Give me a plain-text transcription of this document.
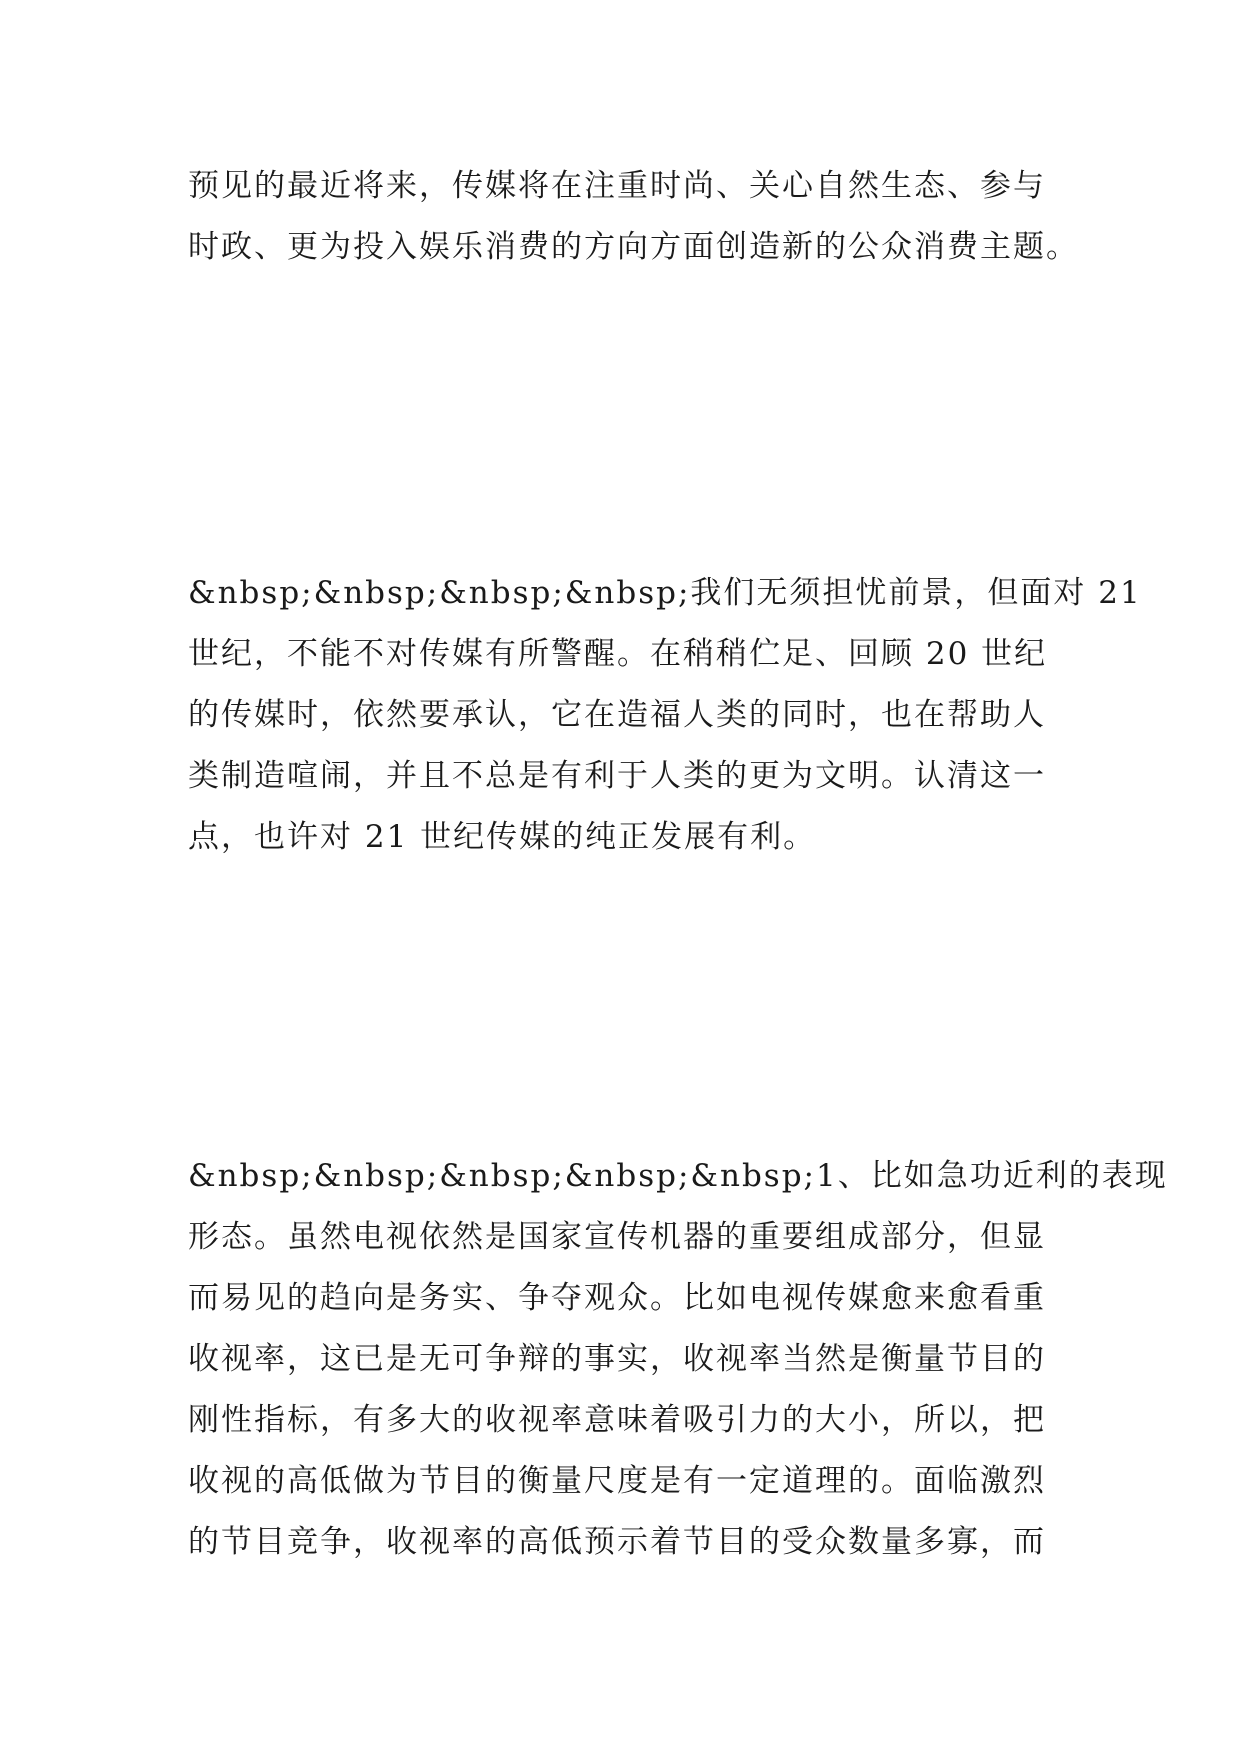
预见的最近将来，传媒将在注重时尚、关心自然生态、参与
时政、更为投入娱乐消费的方向方面创造新的公众消费主题。
&nbsp;&nbsp;&nbsp;&nbsp;我们无须担忧前景，但面对 21
世纪，不能不对传媒有所警醒。在稍稍伫足、回顾 20 世纪
的传媒时，依然要承认，它在造福人类的同时，也在帮助人
类制造喧闹，并且不总是有利于人类的更为文明。认清这一
点，也许对 21 世纪传媒的纯正发展有利。
&nbsp;&nbsp;&nbsp;&nbsp;&nbsp;1、比如急功近利的表现
形态。虽然电视依然是国家宣传机器的重要组成部分，但显
而易见的趋向是务实、争夺观众。比如电视传媒愈来愈看重
收视率，这已是无可争辩的事实，收视率当然是衡量节目的
刚性指标，有多大的收视率意味着吸引力的大小，所以，把
收视的高低做为节目的衡量尺度是有一定道理的。面临激烈
的节目竞争，收视率的高低预示着节目的受众数量多寡，而
